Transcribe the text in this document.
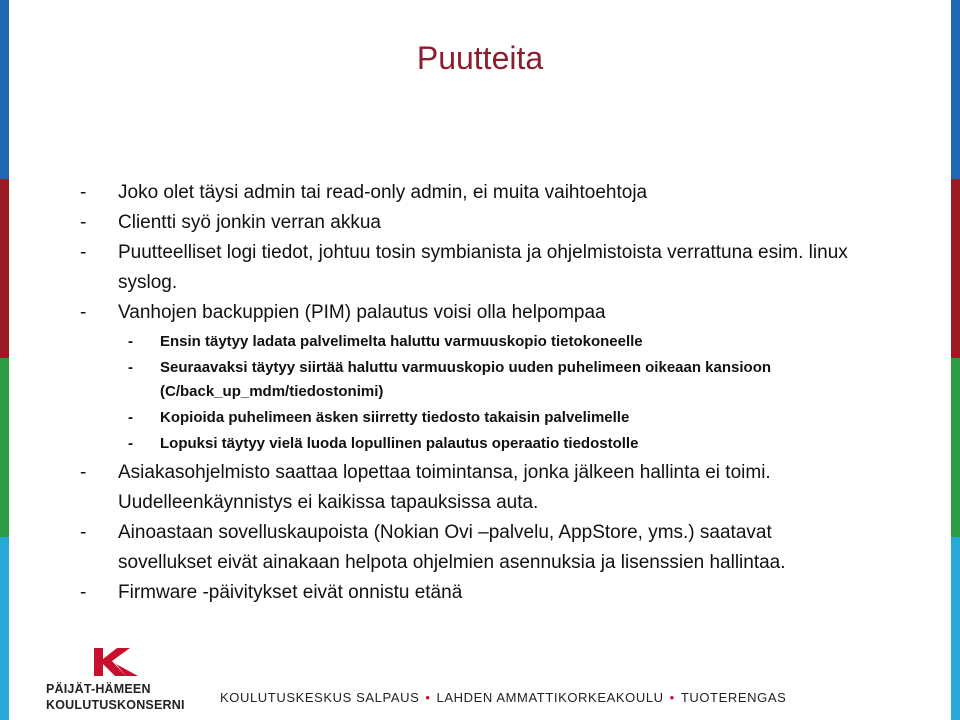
Puutteita
- Joko olet täysi admin tai read-only admin, ei muita vaihtoehtoja
- Clientti syö jonkin verran akkua
- Puutteelliset logi tiedot, johtuu tosin symbianista ja ohjelmistoista verrattuna esim. linux syslog.
- Vanhojen backuppien (PIM) palautus voisi olla helpompaa
- Ensin täytyy ladata palvelimelta haluttu varmuuskopio tietokoneelle
- Seuraavaksi täytyy siirtää haluttu varmuuskopio uuden puhelimeen oikeaan kansioon (C/back_up_mdm/tiedostonimi)
- Kopioida puhelimeen äsken siirretty tiedosto takaisin palvelimelle
- Lopuksi täytyy vielä luoda lopullinen palautus operaatio tiedostolle
- Asiakasohjelmisto saattaa lopettaa toimintansa, jonka jälkeen hallinta ei toimi. Uudelleenkäynnistys ei kaikissa tapauksissa auta.
- Ainoastaan sovelluskaupoista (Nokian Ovi –palvelu, AppStore, yms.) saatavat sovellukset eivät ainakaan helpota ohjelmien asennuksia ja lisenssien hallintaa.
- Firmware -päivitykset eivät onnistu etänä
PÄIJÄT-HÄMEEN
KOULUTUSKONSERNI	KOULUTUSKESKUS SALPAUS • LAHDEN AMMATTIKORKEAKOULU • TUOTERENGAS
